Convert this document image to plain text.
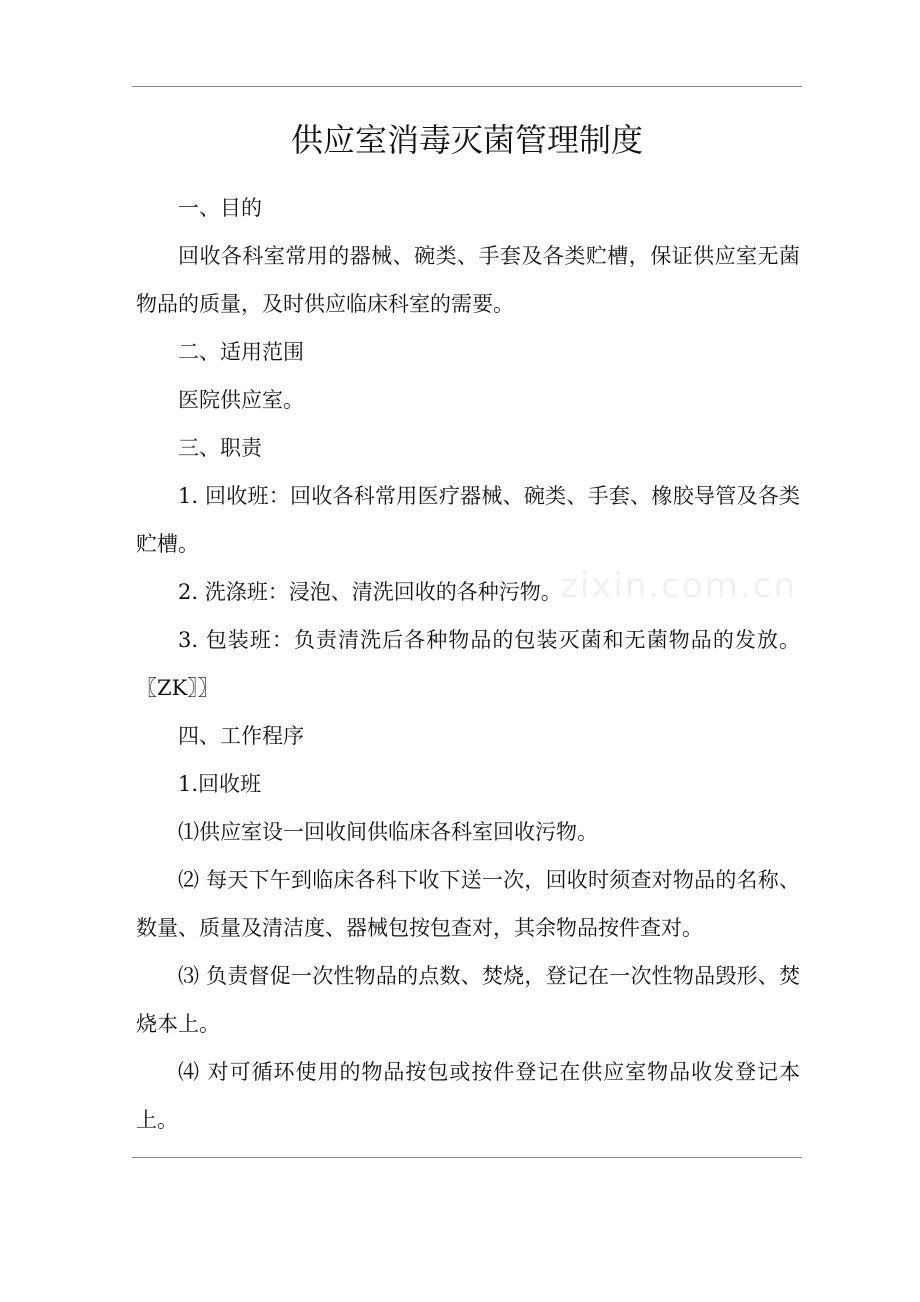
供应室消毒灭菌管理制度

一、目的

回收各科室常用的器械、碗类、手套及各类贮槽，保证供应室无菌物品的质量，及时供应临床科室的需要。

二、适用范围

医院供应室。

三、职责

1. 回收班：回收各科常用医疗器械、碗类、手套、橡胶导管及各类贮槽。

2. 洗涤班：浸泡、清洗回收的各种污物。

3. 包装班：负责清洗后各种物品的包装灭菌和无菌物品的发放。〖ZK〗〗

四、工作程序

1.回收班

⑴供应室设一回收间供临床各科室回收污物。

⑵ 每天下午到临床各科下收下送一次，回收时须查对物品的名称、数量、质量及清洁度、器械包按包查对，其余物品按件查对。

⑶ 负责督促一次性物品的点数、焚烧，登记在一次性物品毁形、焚烧本上。

⑷ 对可循环使用的物品按包或按件登记在供应室物品收发登记本上。

zixin.com.cn
